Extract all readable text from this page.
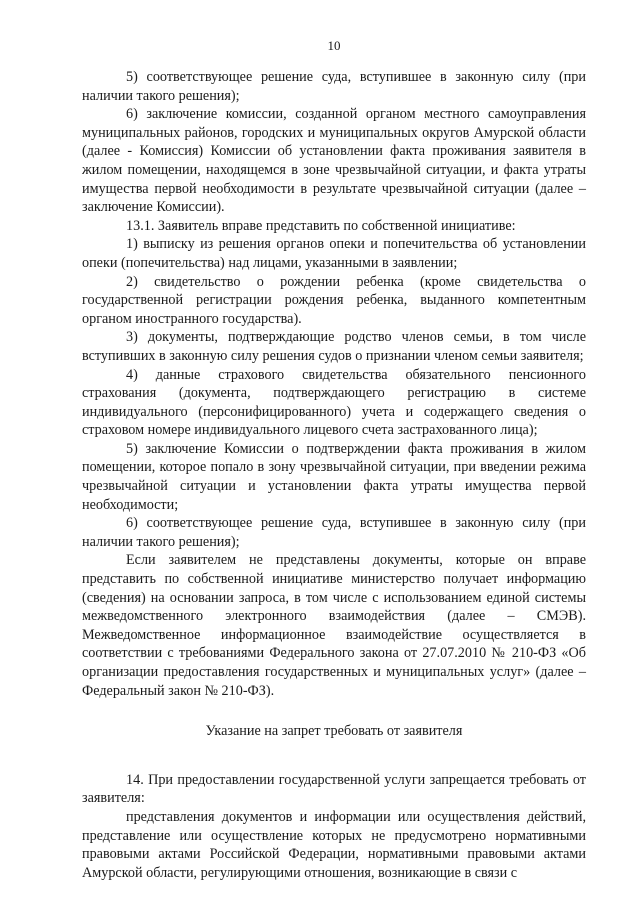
10

5) соответствующее решение суда, вступившее в законную силу (при наличии такого решения);

6) заключение комиссии, созданной органом местного самоуправления муниципальных районов, городских и муниципальных округов Амурской области (далее - Комиссия) Комиссии об установлении факта проживания заявителя в жилом помещении, находящемся в зоне чрезвычайной ситуации, и факта утраты имущества первой необходимости в результате чрезвычайной ситуации (далее – заключение Комиссии).

13.1. Заявитель вправе представить по собственной инициативе:

1) выписку из решения органов опеки и попечительства об установлении опеки (попечительства) над лицами, указанными в заявлении;

2) свидетельство о рождении ребенка (кроме свидетельства о государственной регистрации рождения ребенка, выданного компетентным органом иностранного государства).

3) документы, подтверждающие родство членов семьи, в том числе вступивших в законную силу решения судов о признании членом семьи заявителя;

4) данные страхового свидетельства обязательного пенсионного страхования (документа, подтверждающего регистрацию в системе индивидуального (персонифицированного) учета и содержащего сведения о страховом номере индивидуального лицевого счета застрахованного лица);

5) заключение Комиссии о подтверждении факта проживания в жилом помещении, которое попало в зону чрезвычайной ситуации, при введении режима чрезвычайной ситуации и установлении факта утраты имущества первой необходимости;

6) соответствующее решение суда, вступившее в законную силу (при наличии такого решения);

Если заявителем не представлены документы, которые он вправе представить по собственной инициативе министерство получает информацию (сведения) на основании запроса, в том числе с использованием единой системы межведомственного электронного взаимодействия (далее – СМЭВ). Межведомственное информационное взаимодействие осуществляется в соответствии с требованиями Федерального закона от 27.07.2010 № 210-ФЗ «Об организации предоставления государственных и муниципальных услуг» (далее – Федеральный закон № 210-ФЗ).

Указание на запрет требовать от заявителя

14. При предоставлении государственной услуги запрещается требовать от заявителя:

представления документов и информации или осуществления действий, представление или осуществление которых не предусмотрено нормативными правовыми актами Российской Федерации, нормативными правовыми актами Амурской области, регулирующими отношения, возникающие в связи с
